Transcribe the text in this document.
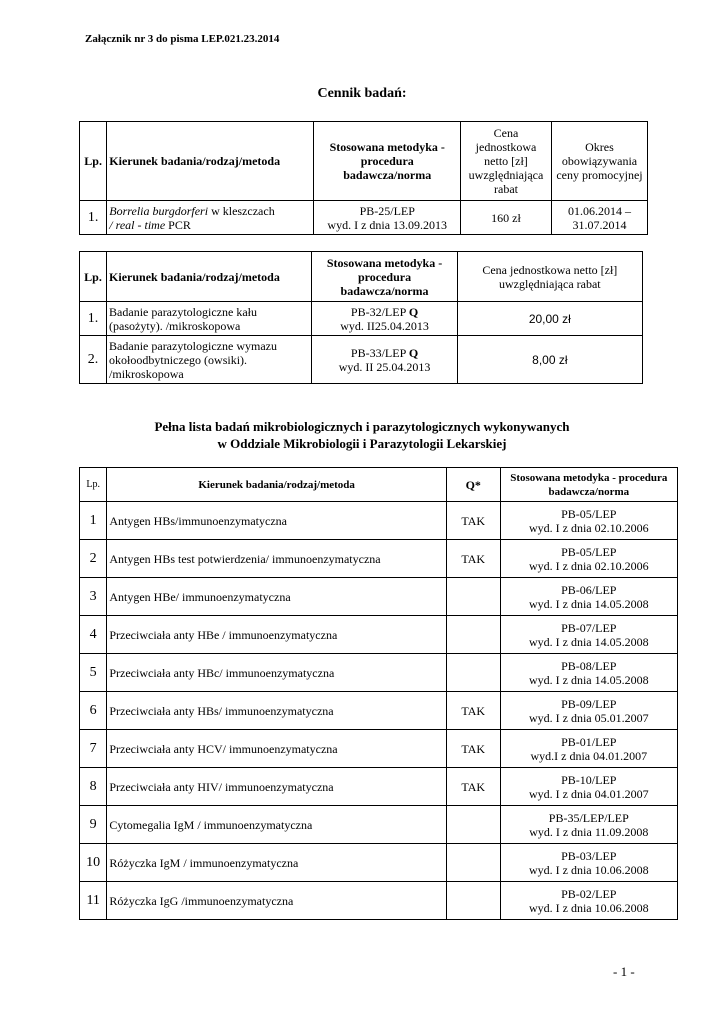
Załącznik nr 3 do pisma LEP.021.23.2014
Cennik badań:
Lp.	Kierunek badania/rodzaj/metoda	Stosowana metodyka - procedura badawcza/norma	Cena jednostkowa netto [zł] uwzględniająca rabat	Okres obowiązywania ceny promocyjnej
1.	Borrelia burgdorferi w kleszczach
/ real - time PCR	PB-25/LEP
wyd. I z dnia 13.09.2013	160 zł	01.06.2014 –
31.07.2014
Lp.	Kierunek badania/rodzaj/metoda	Stosowana metodyka - procedura badawcza/norma	Cena jednostkowa netto [zł] uwzględniająca rabat
1.	Badanie parazytologiczne kału (pasożyty). /mikroskopowa	PB-32/LEP Q
wyd. II25.04.2013	20,00 zł
2.	Badanie parazytologiczne wymazu okołoodbytniczego (owsiki). /mikroskopowa	PB-33/LEP Q
wyd. II 25.04.2013	8,00 zł
Pełna lista badań mikrobiologicznych i parazytologicznych wykonywanych
w Oddziale Mikrobiologii i Parazytologii Lekarskiej
Lp.	Kierunek badania/rodzaj/metoda	Q*	Stosowana metodyka - procedura badawcza/norma
1	Antygen HBs/immunoenzymatyczna	TAK	PB-05/LEP
wyd. I z dnia 02.10.2006
2	Antygen HBs test potwierdzenia/ immunoenzymatyczna	TAK	PB-05/LEP
wyd. I z dnia 02.10.2006
3	Antygen HBe/ immunoenzymatyczna		PB-06/LEP
wyd. I z dnia 14.05.2008
4	Przeciwciała anty HBe / immunoenzymatyczna		PB-07/LEP
wyd. I z dnia 14.05.2008
5	Przeciwciała anty HBc/ immunoenzymatyczna		PB-08/LEP
wyd. I z dnia 14.05.2008
6	Przeciwciała anty HBs/ immunoenzymatyczna	TAK	PB-09/LEP
wyd. I z dnia 05.01.2007
7	Przeciwciała anty HCV/ immunoenzymatyczna	TAK	PB-01/LEP
wyd.I z dnia 04.01.2007
8	Przeciwciała anty HIV/ immunoenzymatyczna	TAK	PB-10/LEP
wyd. I z dnia 04.01.2007
9	Cytomegalia IgM / immunoenzymatyczna		PB-35/LEP/LEP
wyd. I z dnia 11.09.2008
10	Różyczka IgM / immunoenzymatyczna		PB-03/LEP
wyd. I z dnia 10.06.2008
11	Różyczka IgG /immunoenzymatyczna		PB-02/LEP
wyd. I z dnia 10.06.2008
- 1 -
